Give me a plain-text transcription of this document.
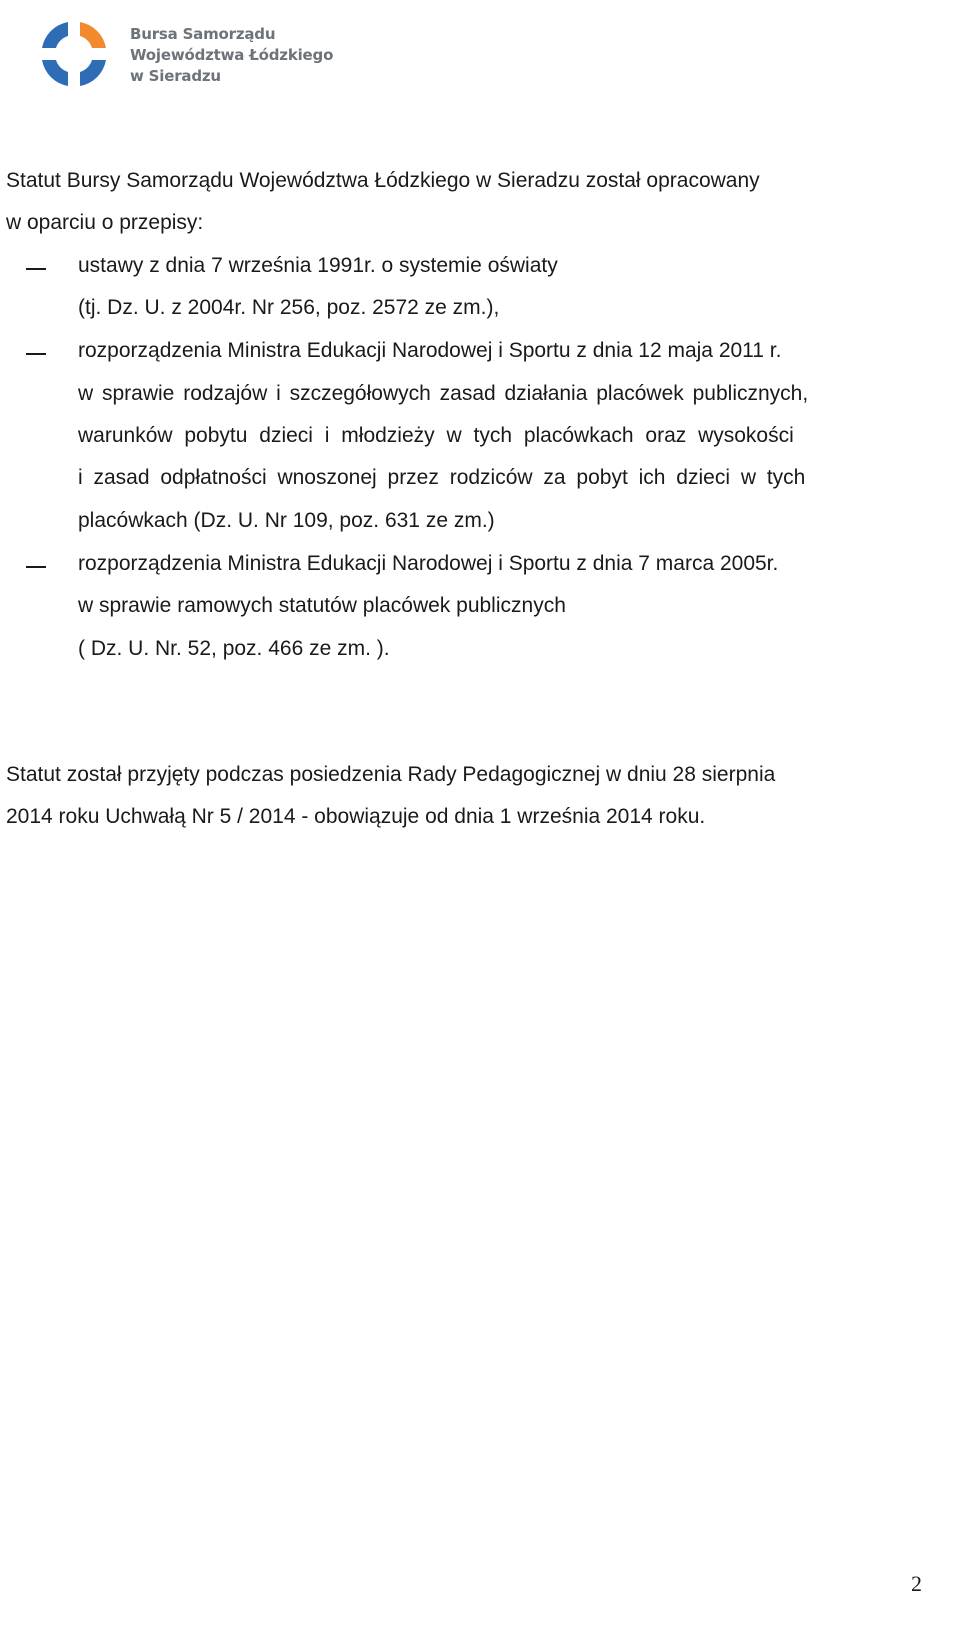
Bursa Samorządu
Województwa Łódzkiego
w Sieradzu
Statut Bursy Samorządu Województwa Łódzkiego w Sieradzu został opracowany
w oparciu o przepisy:
ustawy z dnia 7 września 1991r. o systemie oświaty
(tj. Dz. U. z 2004r. Nr 256, poz. 2572 ze zm.),
rozporządzenia Ministra Edukacji Narodowej i Sportu z dnia 12 maja 2011 r.
w sprawie rodzajów i szczegółowych zasad działania placówek publicznych,
warunków pobytu dzieci i młodzieży w tych placówkach oraz wysokości
i zasad odpłatności wnoszonej przez rodziców za pobyt ich dzieci w tych
placówkach (Dz. U. Nr 109, poz. 631 ze zm.)
rozporządzenia Ministra Edukacji Narodowej i Sportu z dnia 7 marca 2005r.
w sprawie ramowych statutów placówek publicznych
( Dz. U. Nr. 52, poz. 466 ze zm. ).
Statut został przyjęty podczas posiedzenia Rady Pedagogicznej w dniu 28 sierpnia
2014 roku Uchwałą Nr 5 / 2014 - obowiązuje od dnia 1 września 2014 roku.
2
